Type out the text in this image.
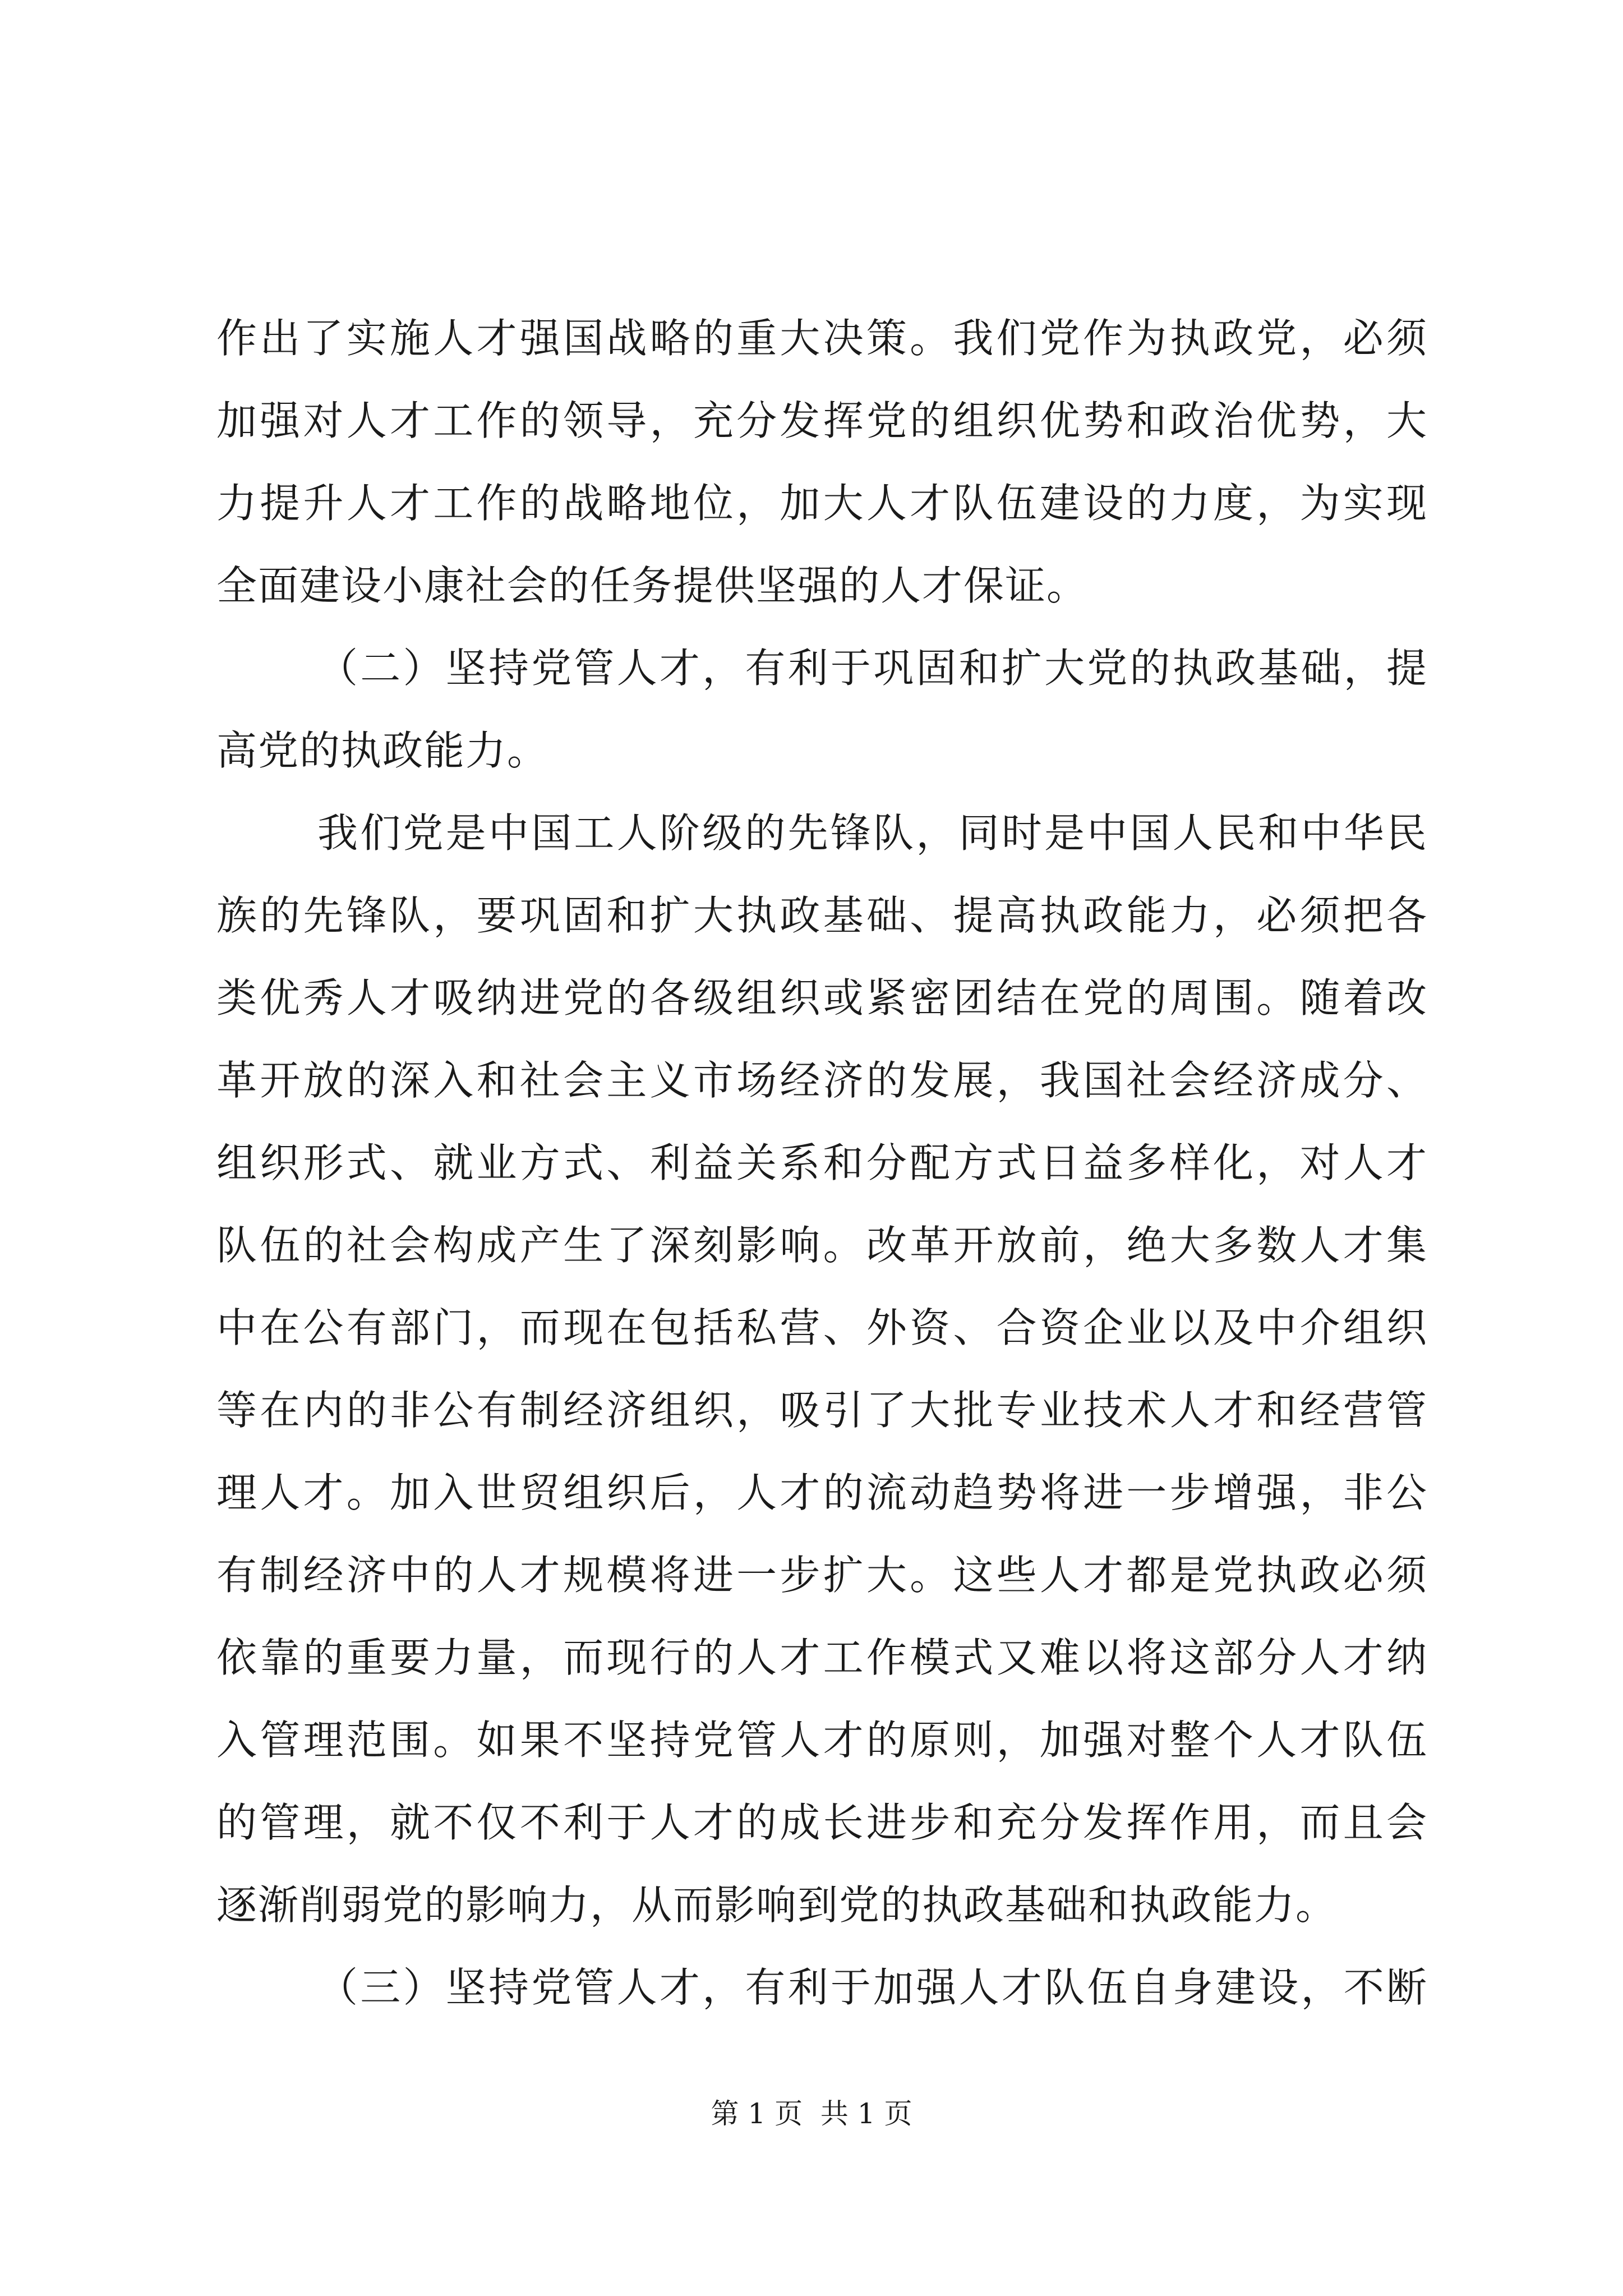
作出了实施人才强国战略的重大决策。我们党作为执政党，必须
加强对人才工作的领导，充分发挥党的组织优势和政治优势，大
力提升人才工作的战略地位，加大人才队伍建设的力度，为实现
全面建设小康社会的任务提供坚强的人才保证。
（二）坚持党管人才，有利于巩固和扩大党的执政基础，提
高党的执政能力。
我们党是中国工人阶级的先锋队，同时是中国人民和中华民
族的先锋队，要巩固和扩大执政基础、提高执政能力，必须把各
类优秀人才吸纳进党的各级组织或紧密团结在党的周围。随着改
革开放的深入和社会主义市场经济的发展，我国社会经济成分、
组织形式、就业方式、利益关系和分配方式日益多样化，对人才
队伍的社会构成产生了深刻影响。改革开放前，绝大多数人才集
中在公有部门，而现在包括私营、外资、合资企业以及中介组织
等在内的非公有制经济组织，吸引了大批专业技术人才和经营管
理人才。加入世贸组织后，人才的流动趋势将进一步增强，非公
有制经济中的人才规模将进一步扩大。这些人才都是党执政必须
依靠的重要力量，而现行的人才工作模式又难以将这部分人才纳
入管理范围。如果不坚持党管人才的原则，加强对整个人才队伍
的管理，就不仅不利于人才的成长进步和充分发挥作用，而且会
逐渐削弱党的影响力，从而影响到党的执政基础和执政能力。
（三）坚持党管人才，有利于加强人才队伍自身建设，不断
第 1 页  共 1 页
